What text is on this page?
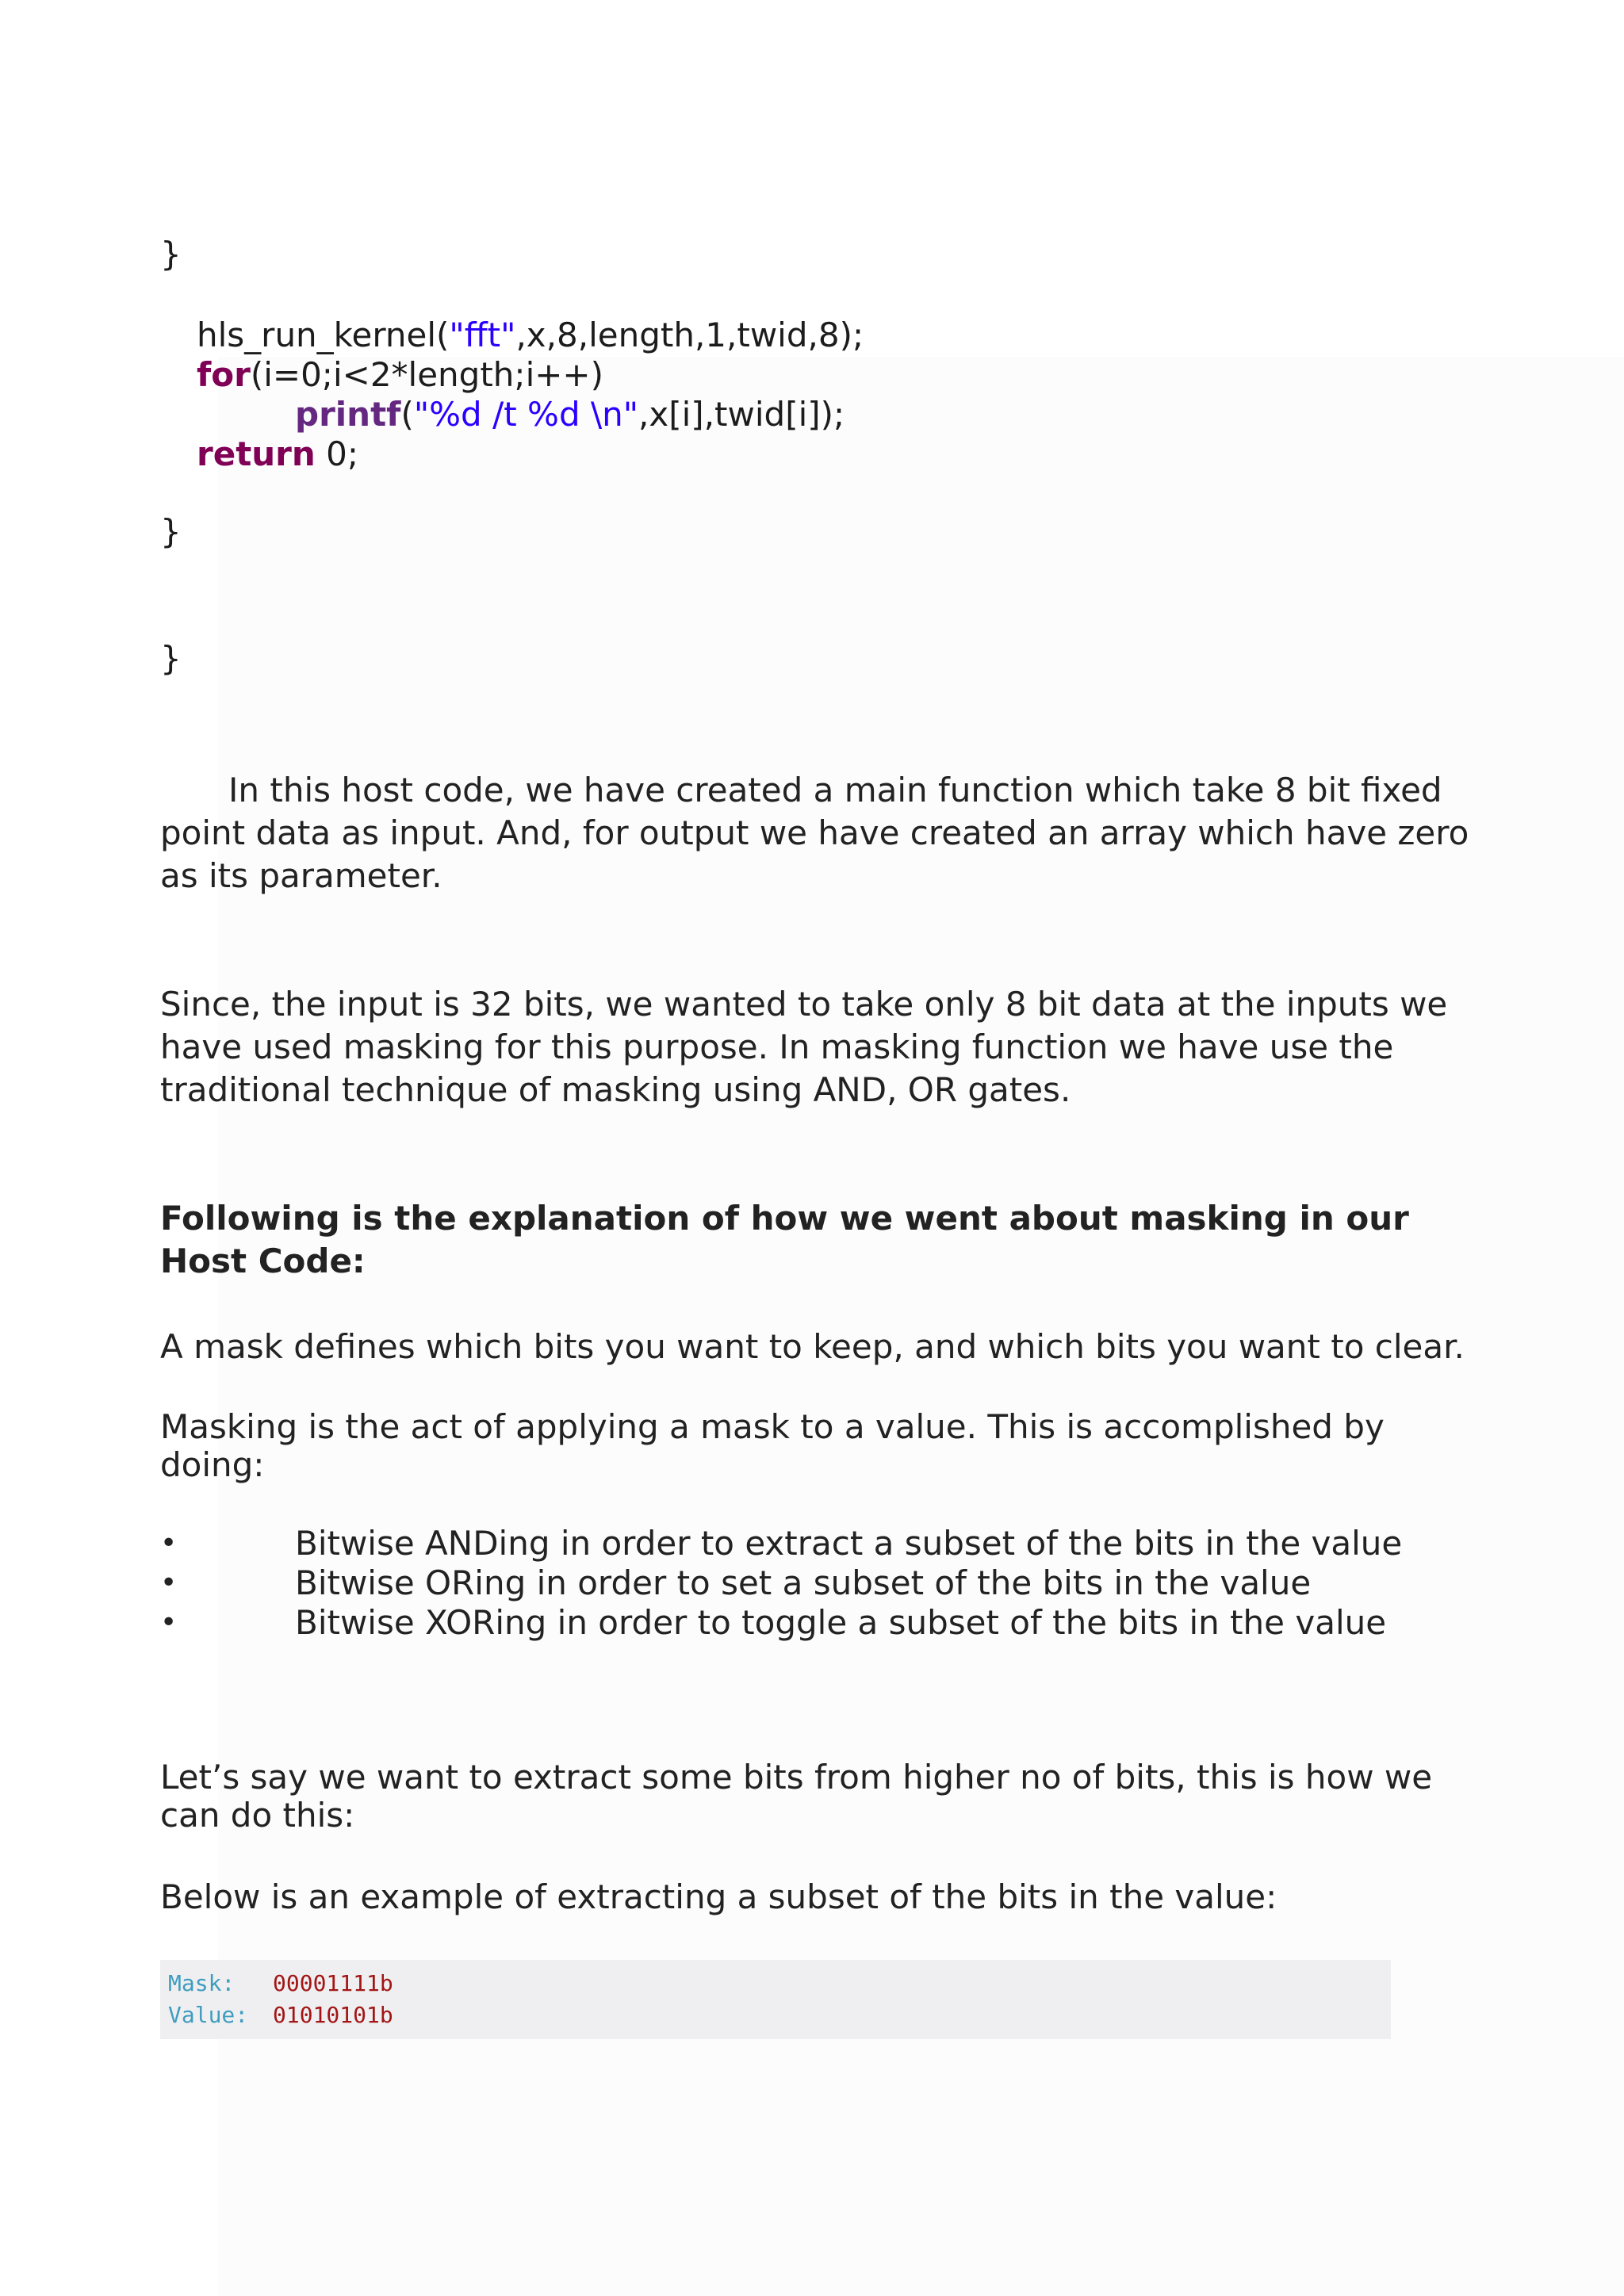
}
hls_run_kernel("fft",x,8,length,1,twid,8);
for(i=0;i<2*length;i++)
printf("%d /t %d \n",x[i],twid[i]);
return 0;
}
}
In this host code, we have created a main function which take 8 bit fixed point data as input. And, for output we have created an array which have zero as its parameter.
Since, the input is 32 bits, we wanted to take only 8 bit data at the inputs we have used masking for this purpose. In masking function we have use the traditional technique of masking using AND, OR gates.
Following is the explanation of how we went about masking in our Host Code:
A mask defines which bits you want to keep, and which bits you want to clear.
Masking is the act of applying a mask to a value. This is accomplished by doing:
•	Bitwise ANDing in order to extract a subset of the bits in the value
•	Bitwise ORing in order to set a subset of the bits in the value
•	Bitwise XORing in order to toggle a subset of the bits in the value
Let’s say we want to extract some bits from higher no of bits, this is how we can do this:
Below is an example of extracting a subset of the bits in the value:
Mask: 00001111b
Value: 01010101b
